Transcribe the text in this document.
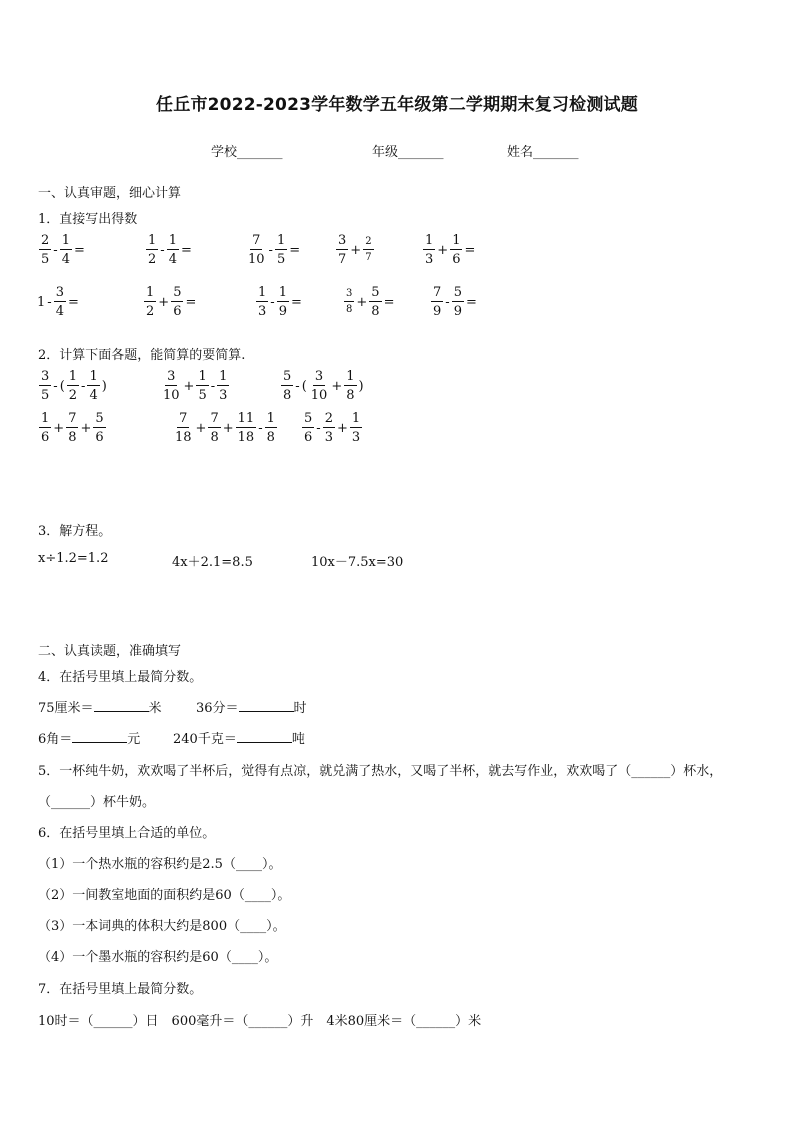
任丘市2022-2023学年数学五年级第二学期期末复习检测试题
学校_______	年级_______	姓名_______
一、认真审题，细心计算
1．直接写出得数
$\frac{2}{5} - \frac{1}{4}$ =	$\frac{1}{2} - \frac{1}{4}$ =	$\frac{7}{10} - \frac{1}{5}$ =	$\frac{3}{7} + \frac{2}{7}$	$\frac{1}{3} + \frac{1}{6}$ =
$1 - \frac{3}{4}$ =	$\frac{1}{2} + \frac{5}{6}$ =	$\frac{1}{3} - \frac{1}{9}$ =	$\frac{3}{8} + \frac{5}{8}$ =	$\frac{7}{9} - \frac{5}{9}$ =
2．计算下面各题，能简算的要简算.
$\frac{3}{5}$ - ( $\frac{1}{2} - \frac{1}{4}$ )	$\frac{3}{10} + \frac{1}{5} - \frac{1}{3}$	$\frac{5}{8}$ - ( $\frac{3}{10} + \frac{1}{8}$ )
$\frac{1}{6} + \frac{7}{8} + \frac{5}{6}$	$\frac{7}{18} + \frac{7}{8} + \frac{11}{18} - \frac{1}{8} \frac{5}{6} - \frac{2}{3} + \frac{1}{3}$
3．解方程。
x÷1.2=1.2	4x＋2.1=8.5	10x－7.5x=30
二、认真读题，准确填写
4．在括号里填上最简分数。
75厘米＝	米	36分＝	时
6角＝	元	240千克＝	吨
5．一杯纯牛奶，欢欢喝了半杯后，觉得有点凉，就兑满了热水，又喝了半杯，就去写作业，欢欢喝了（______）杯水，
（______）杯牛奶。
6．在括号里填上合适的单位。
（1）一个热水瓶的容积约是2.5（____）。
（2）一间教室地面的面积约是60（____）。
（3）一本词典的体积大约是800（____）。
（4）一个墨水瓶的容积约是60（____）。
7．在括号里填上最简分数。
10时＝（______）日　600毫升＝（______）升　4米80厘米＝（______）米
